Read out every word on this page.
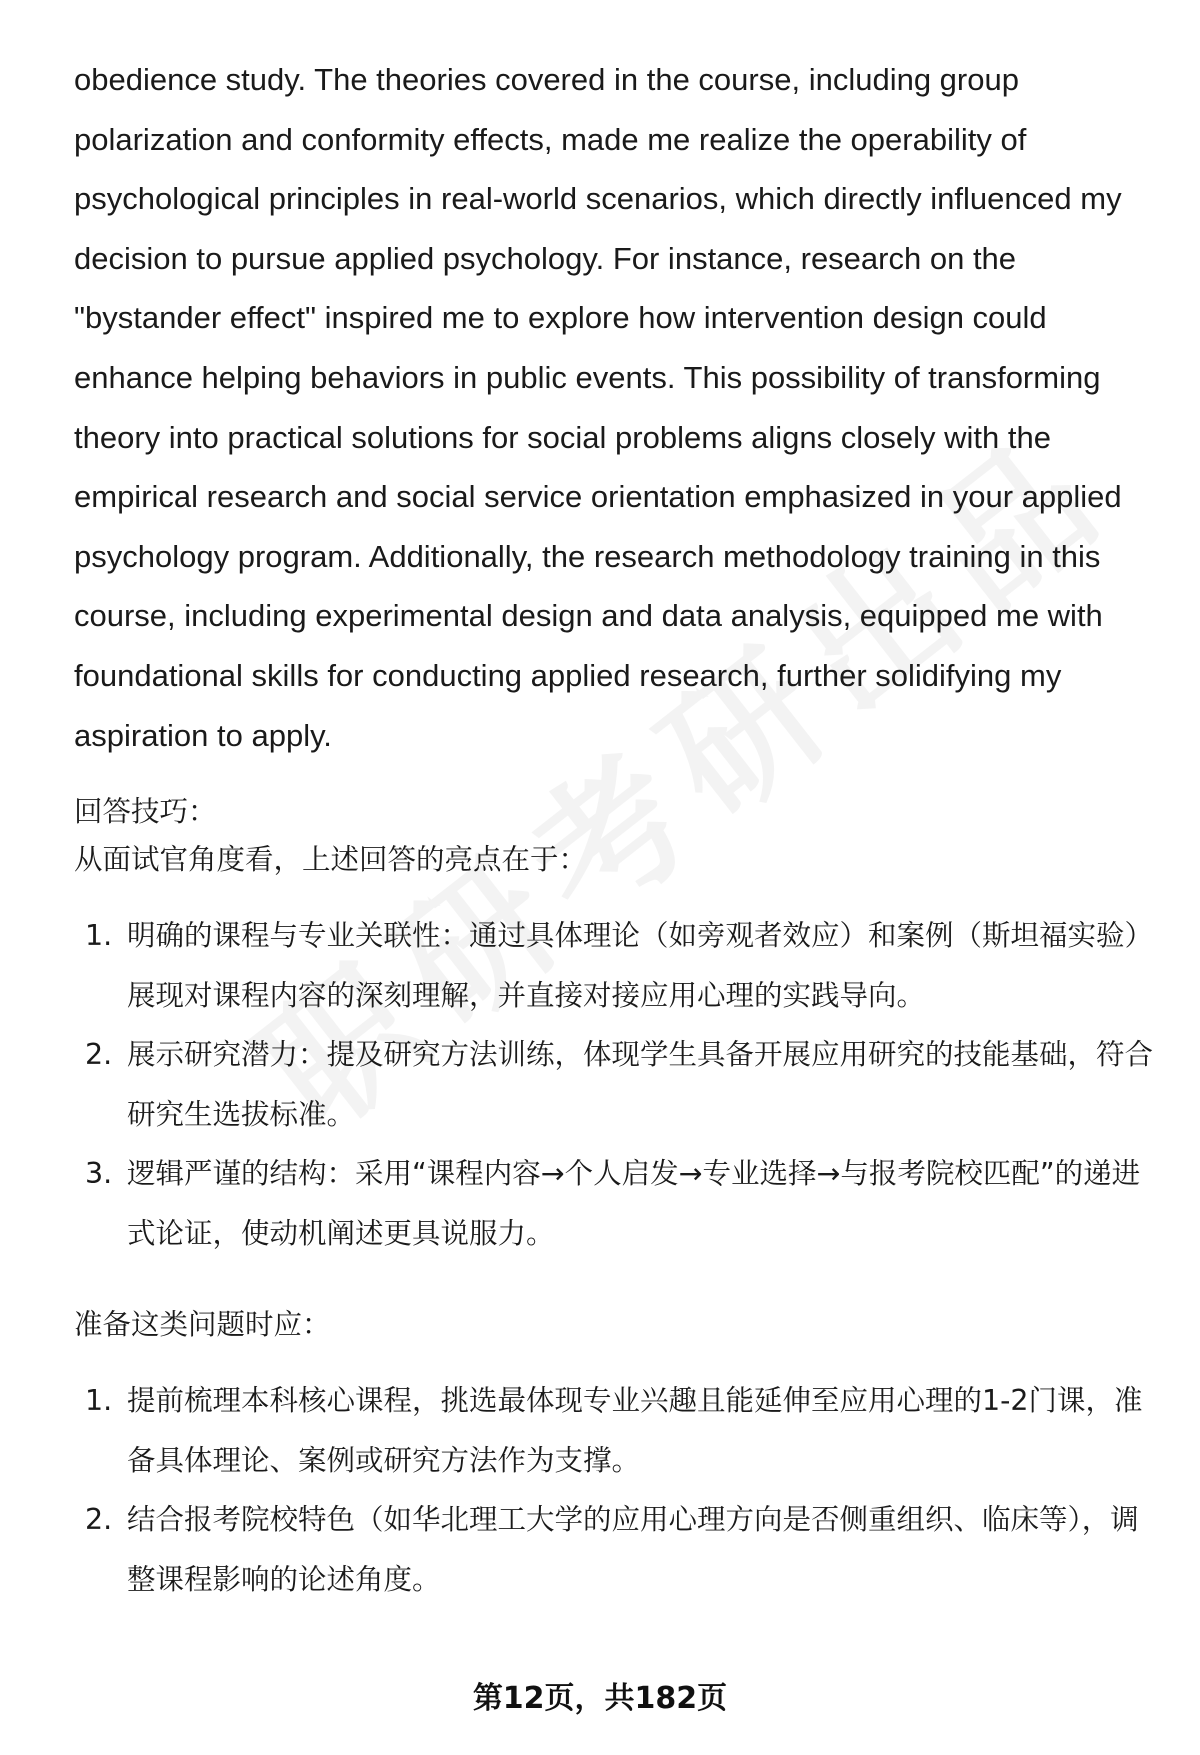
obedience study. The theories covered in the course, including group polarization and conformity effects, made me realize the operability of psychological principles in real-world scenarios, which directly influenced my decision to pursue applied psychology. For instance, research on the "bystander effect" inspired me to explore how intervention design could enhance helping behaviors in public events. This possibility of transforming theory into practical solutions for social problems aligns closely with the empirical research and social service orientation emphasized in your applied psychology program. Additionally, the research methodology training in this course, including experimental design and data analysis, equipped me with foundational skills for conducting applied research, further solidifying my aspiration to apply.

回答技巧：

从面试官角度看，上述回答的亮点在于：

1. 明确的课程与专业关联性：通过具体理论（如旁观者效应）和案例（斯坦福实验）展现对课程内容的深刻理解，并直接对接应用心理的实践导向。
2. 展示研究潜力：提及研究方法训练，体现学生具备开展应用研究的技能基础，符合研究生选拔标准。
3. 逻辑严谨的结构：采用“课程内容→个人启发→专业选择→与报考院校匹配”的递进式论证，使动机阐述更具说服力。

准备这类问题时应：

1. 提前梳理本科核心课程，挑选最体现专业兴趣且能延伸至应用心理的1-2门课，准备具体理论、案例或研究方法作为支撑。
2. 结合报考院校特色（如华北理工大学的应用心理方向是否侧重组织、临床等），调整课程影响的论述角度。
第12页，共182页
